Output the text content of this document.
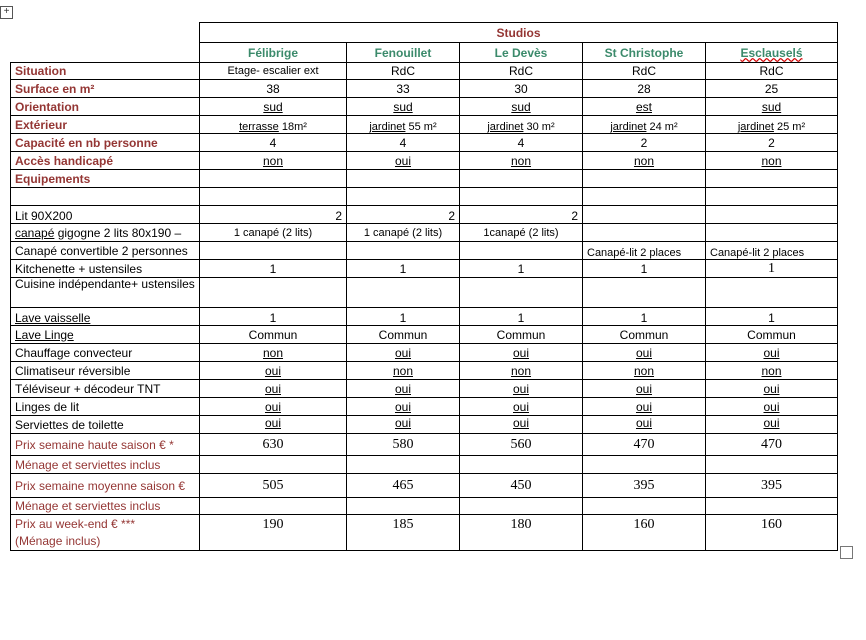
+
	Studios				
	Félibrige	Fenouillet	Le Devès	St Christophe	Esclauselś
Situation	Etage- escalier ext	RdC	RdC	RdC	RdC
Surface en m²	38	33	30	28	25
Orientation	sud	sud	sud	est	sud
Extérieur	terrasse 18m²	jardinet 55 m²	jardinet 30 m²	jardinet 24 m²	jardinet 25 m²
Capacité en nb personne	4	4	4	2	2
Accès handicapé	non	oui	non	non	non
Equipements					

Lit 90X200	2	2	2		
canapé gigogne 2 lits 80x190 –	1 canapé (2 lits)	1 canapé (2 lits)	1canapé (2 lits)		
Canapé convertible 2 personnes				Canapé-lit 2 places	Canapé-lit 2 places
Kitchenette + ustensiles	1	1	1	1	1
Cuisine indépendante+ ustensiles					
Lave vaisselle	1	1	1	1	1
Lave Linge	Commun	Commun	Commun	Commun	Commun
Chauffage convecteur	non	oui	oui	oui	oui
Climatiseur réversible	oui	non	non	non	non
Téléviseur + décodeur TNT	oui	oui	oui	oui	oui
Linges de lit	oui	oui	oui	oui	oui
Serviettes de toilette	oui	oui	oui	oui	oui
Prix semaine haute saison € *	630	580	560	470	470
Ménage et serviettes inclus					
Prix semaine moyenne saison €	505	465	450	395	395
Ménage et serviettes inclus					

Prix au week-end € ***
(Ménage inclus)	190	185	180	160	160
